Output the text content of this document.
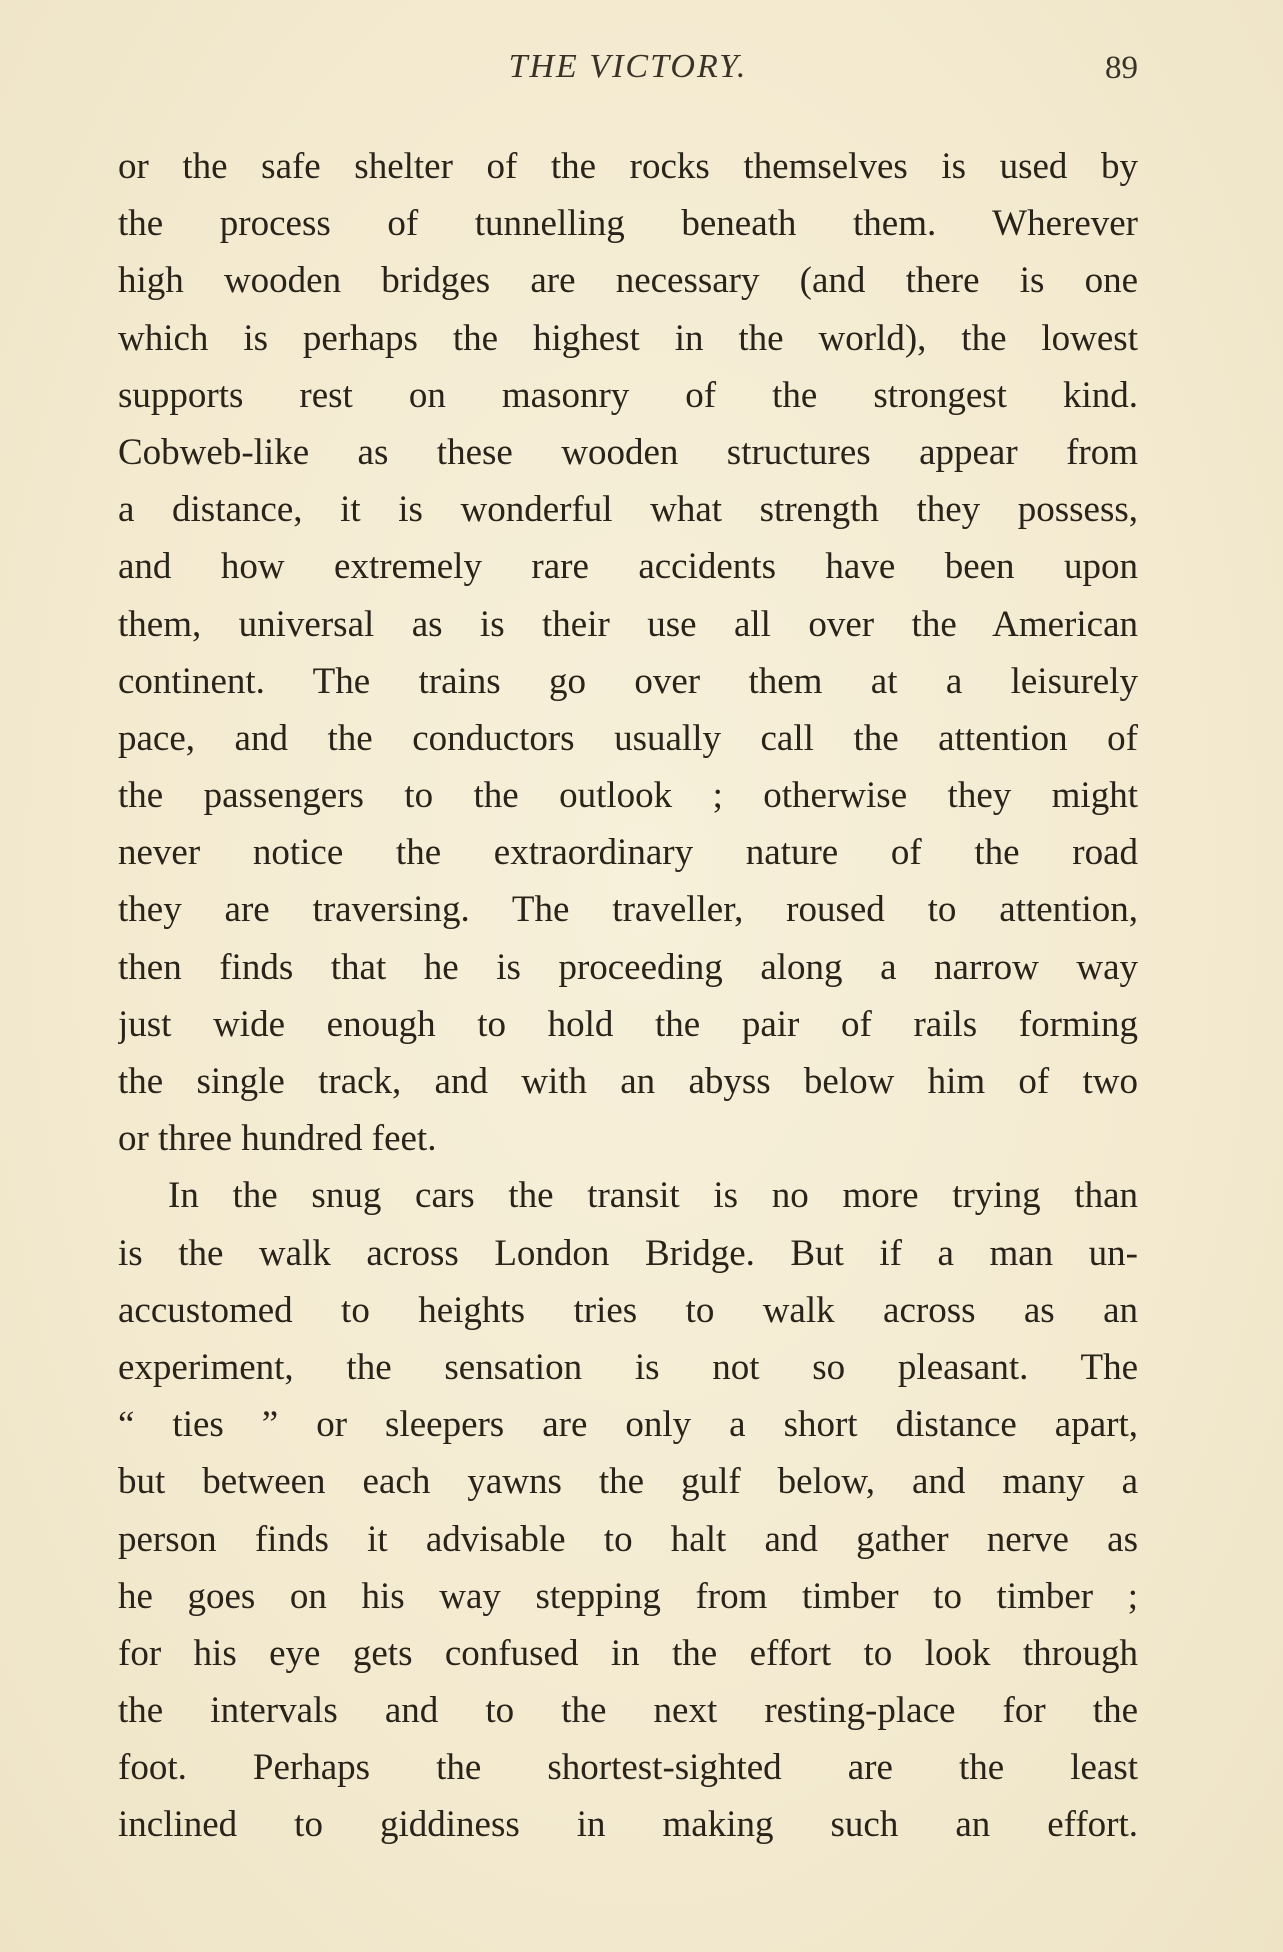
THE VICTORY.	89
or the safe shelter of the rocks themselves is used by
the process of tunnelling beneath them. Wherever
high wooden bridges are necessary (and there is one
which is perhaps the highest in the world), the lowest
supports rest on masonry of the strongest kind.
Cobweb-like as these wooden structures appear from
a distance, it is wonderful what strength they possess,
and how extremely rare accidents have been upon
them, universal as is their use all over the American
continent. The trains go over them at a leisurely
pace, and the conductors usually call the attention of
the passengers to the outlook ; otherwise they might
never notice the extraordinary nature of the road
they are traversing. The traveller, roused to attention,
then finds that he is proceeding along a narrow way
just wide enough to hold the pair of rails forming
the single track, and with an abyss below him of two
or three hundred feet.
In the snug cars the transit is no more trying than
is the walk across London Bridge. But if a man un-
accustomed to heights tries to walk across as an
experiment, the sensation is not so pleasant. The
“ ties ” or sleepers are only a short distance apart,
but between each yawns the gulf below, and many a
person finds it advisable to halt and gather nerve as
he goes on his way stepping from timber to timber ;
for his eye gets confused in the effort to look through
the intervals and to the next resting-place for the
foot. Perhaps the shortest-sighted are the least
inclined to giddiness in making such an effort.
